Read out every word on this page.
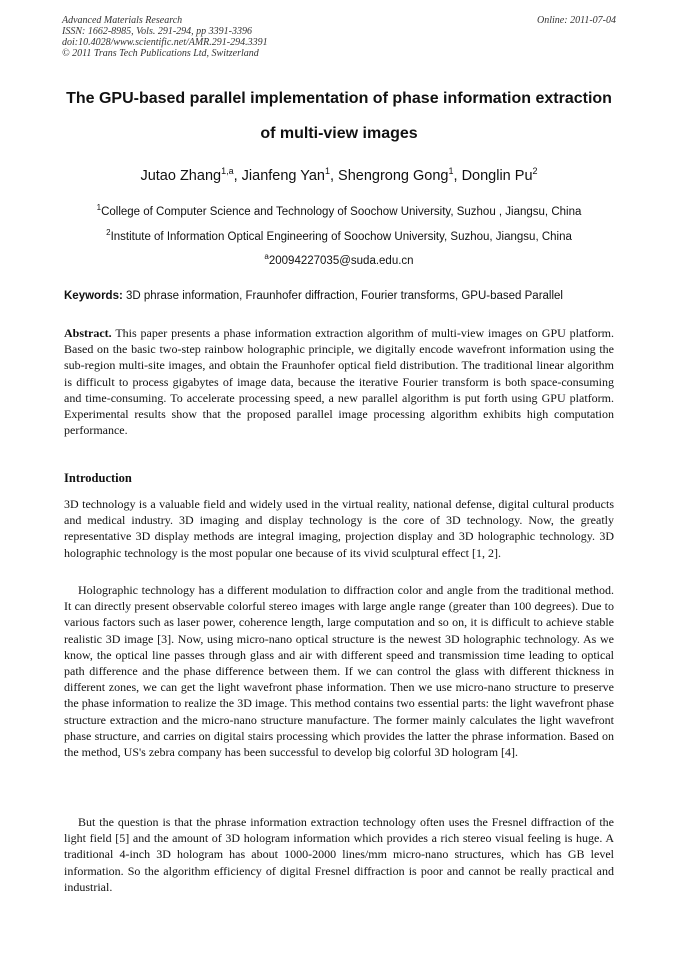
Advanced Materials Research
ISSN: 1662-8985, Vols. 291-294, pp 3391-3396
doi:10.4028/www.scientific.net/AMR.291-294.3391
© 2011 Trans Tech Publications Ltd, Switzerland
Online: 2011-07-04
The GPU-based parallel implementation of phase information extraction
of multi-view images
Jutao Zhang$^{1,a}$, Jianfeng Yan$^1$, Shengrong Gong$^1$, Donglin Pu$^2$
$^1$College of Computer Science and Technology of Soochow University, Suzhou , Jiangsu, China
$^2$Institute of Information Optical Engineering of Soochow University, Suzhou, Jiangsu, China
$^a$20094227035@suda.edu.cn
Keywords: 3D phrase information, Fraunhofer diffraction, Fourier transforms, GPU-based Parallel
Abstract. This paper presents a phase information extraction algorithm of multi-view images on GPU platform. Based on the basic two-step rainbow holographic principle, we digitally encode wavefront information using the sub-region multi-site images, and obtain the Fraunhofer optical field distribution. The traditional linear algorithm is difficult to process gigabytes of image data, because the iterative Fourier transform is both space-consuming and time-consuming. To accelerate processing speed, a new parallel algorithm is put forth using GPU platform. Experimental results show that the proposed parallel image processing algorithm exhibits high computation performance.
Introduction
3D technology is a valuable field and widely used in the virtual reality, national defense, digital cultural products and medical industry. 3D imaging and display technology is the core of 3D technology. Now, the greatly representative 3D display methods are integral imaging, projection display and 3D holographic technology. 3D holographic technology is the most popular one because of its vivid sculptural effect [1, 2].
Holographic technology has a different modulation to diffraction color and angle from the traditional method. It can directly present observable colorful stereo images with large angle range (greater than 100 degrees). Due to various factors such as laser power, coherence length, large computation and so on, it is difficult to achieve stable realistic 3D image [3]. Now, using micro-nano optical structure is the newest 3D holographic technology. As we know, the optical line passes through glass and air with different speed and transmission time leading to optical path difference and the phase difference between them. If we can control the glass with different thickness in different zones, we can get the light wavefront phase information. Then we use micro-nano structure to preserve the phase information to realize the 3D image. This method contains two essential parts: the light wavefront phase structure extraction and the micro-nano structure manufacture. The former mainly calculates the light wavefront phase structure, and carries on digital stairs processing which provides the latter the phrase information. Based on the method, US's zebra company has been successful to develop big colorful 3D hologram [4].
But the question is that the phrase information extraction technology often uses the Fresnel diffraction of the light field [5] and the amount of 3D hologram information which provides a rich stereo visual feeling is huge. A traditional 4-inch 3D hologram has about 1000-2000 lines/mm micro-nano structures, which has GB level information. So the algorithm efficiency of digital Fresnel diffraction is poor and cannot be really practical and industrial.
